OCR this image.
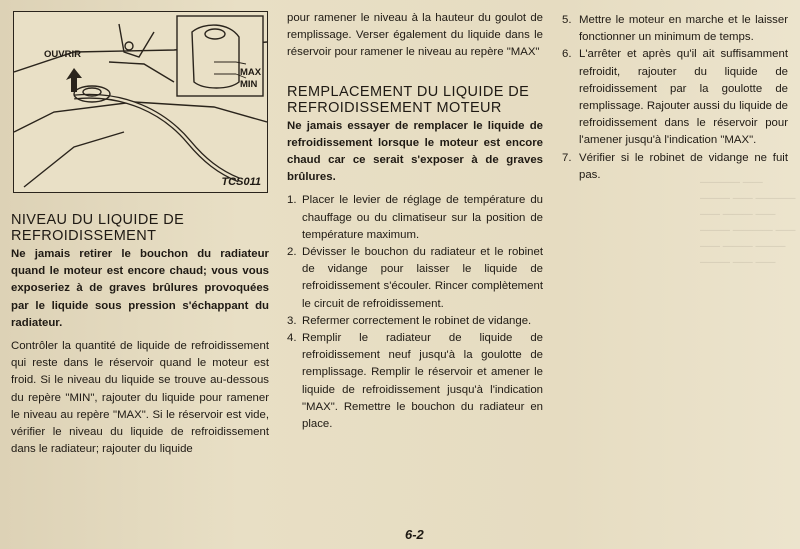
———— ——
——— —— ————
—— ——— ——
——— ———— ——
—— ——— ———
——— —— ——
OUVRIR
MAX
MIN
TCS011
NIVEAU DU LIQUIDE DE REFROIDISSEMENT

Ne jamais retirer le bouchon du radiateur quand le moteur est encore chaud; vous vous exposeriez à de graves brûlures provoquées par le liquide sous pression s'échappant du radiateur.

Contrôler la quantité de liquide de refroidissement qui reste dans le réservoir quand le moteur est froid. Si le niveau du liquide se trouve au-dessous du repère "MIN", rajouter du liquide pour ramener le niveau au repère "MAX". Si le réservoir est vide, vérifier le niveau du liquide de refroidissement dans le radiateur; rajouter du liquide

pour ramener le niveau à la hauteur du goulot de remplissage. Verser également du liquide dans le réservoir pour ramener le niveau au repère "MAX"

REMPLACEMENT DU LIQUIDE DE REFROIDISSEMENT MOTEUR

Ne jamais essayer de remplacer le liquide de refroidissement lorsque le moteur est encore chaud car ce serait s'exposer à de graves brûlures.

1. Placer le levier de réglage de température du chauffage ou du climatiseur sur la position de température maximum.
2. Dévisser le bouchon du radiateur et le robinet de vidange pour laisser le liquide de refroidissement s'écouler. Rincer complètement le circuit de refroidissement.
3. Refermer correctement le robinet de vidange.
4. Remplir le radiateur de liquide de refroidissement neuf jusqu'à la goulotte de remplissage. Remplir le réservoir et amener le liquide de refroidissement jusqu'à l'indication "MAX". Remettre le bouchon du radiateur en place.
5. Mettre le moteur en marche et le laisser fonctionner un minimum de temps.
6. L'arrêter et après qu'il ait suffisamment refroidit, rajouter du liquide de refroidissement par la goulotte de remplissage. Rajouter aussi du liquide de refroidissement dans le réservoir pour l'amener jusqu'à l'indication "MAX".
7. Vérifier si le robinet de vidange ne fuit pas.
6-2
